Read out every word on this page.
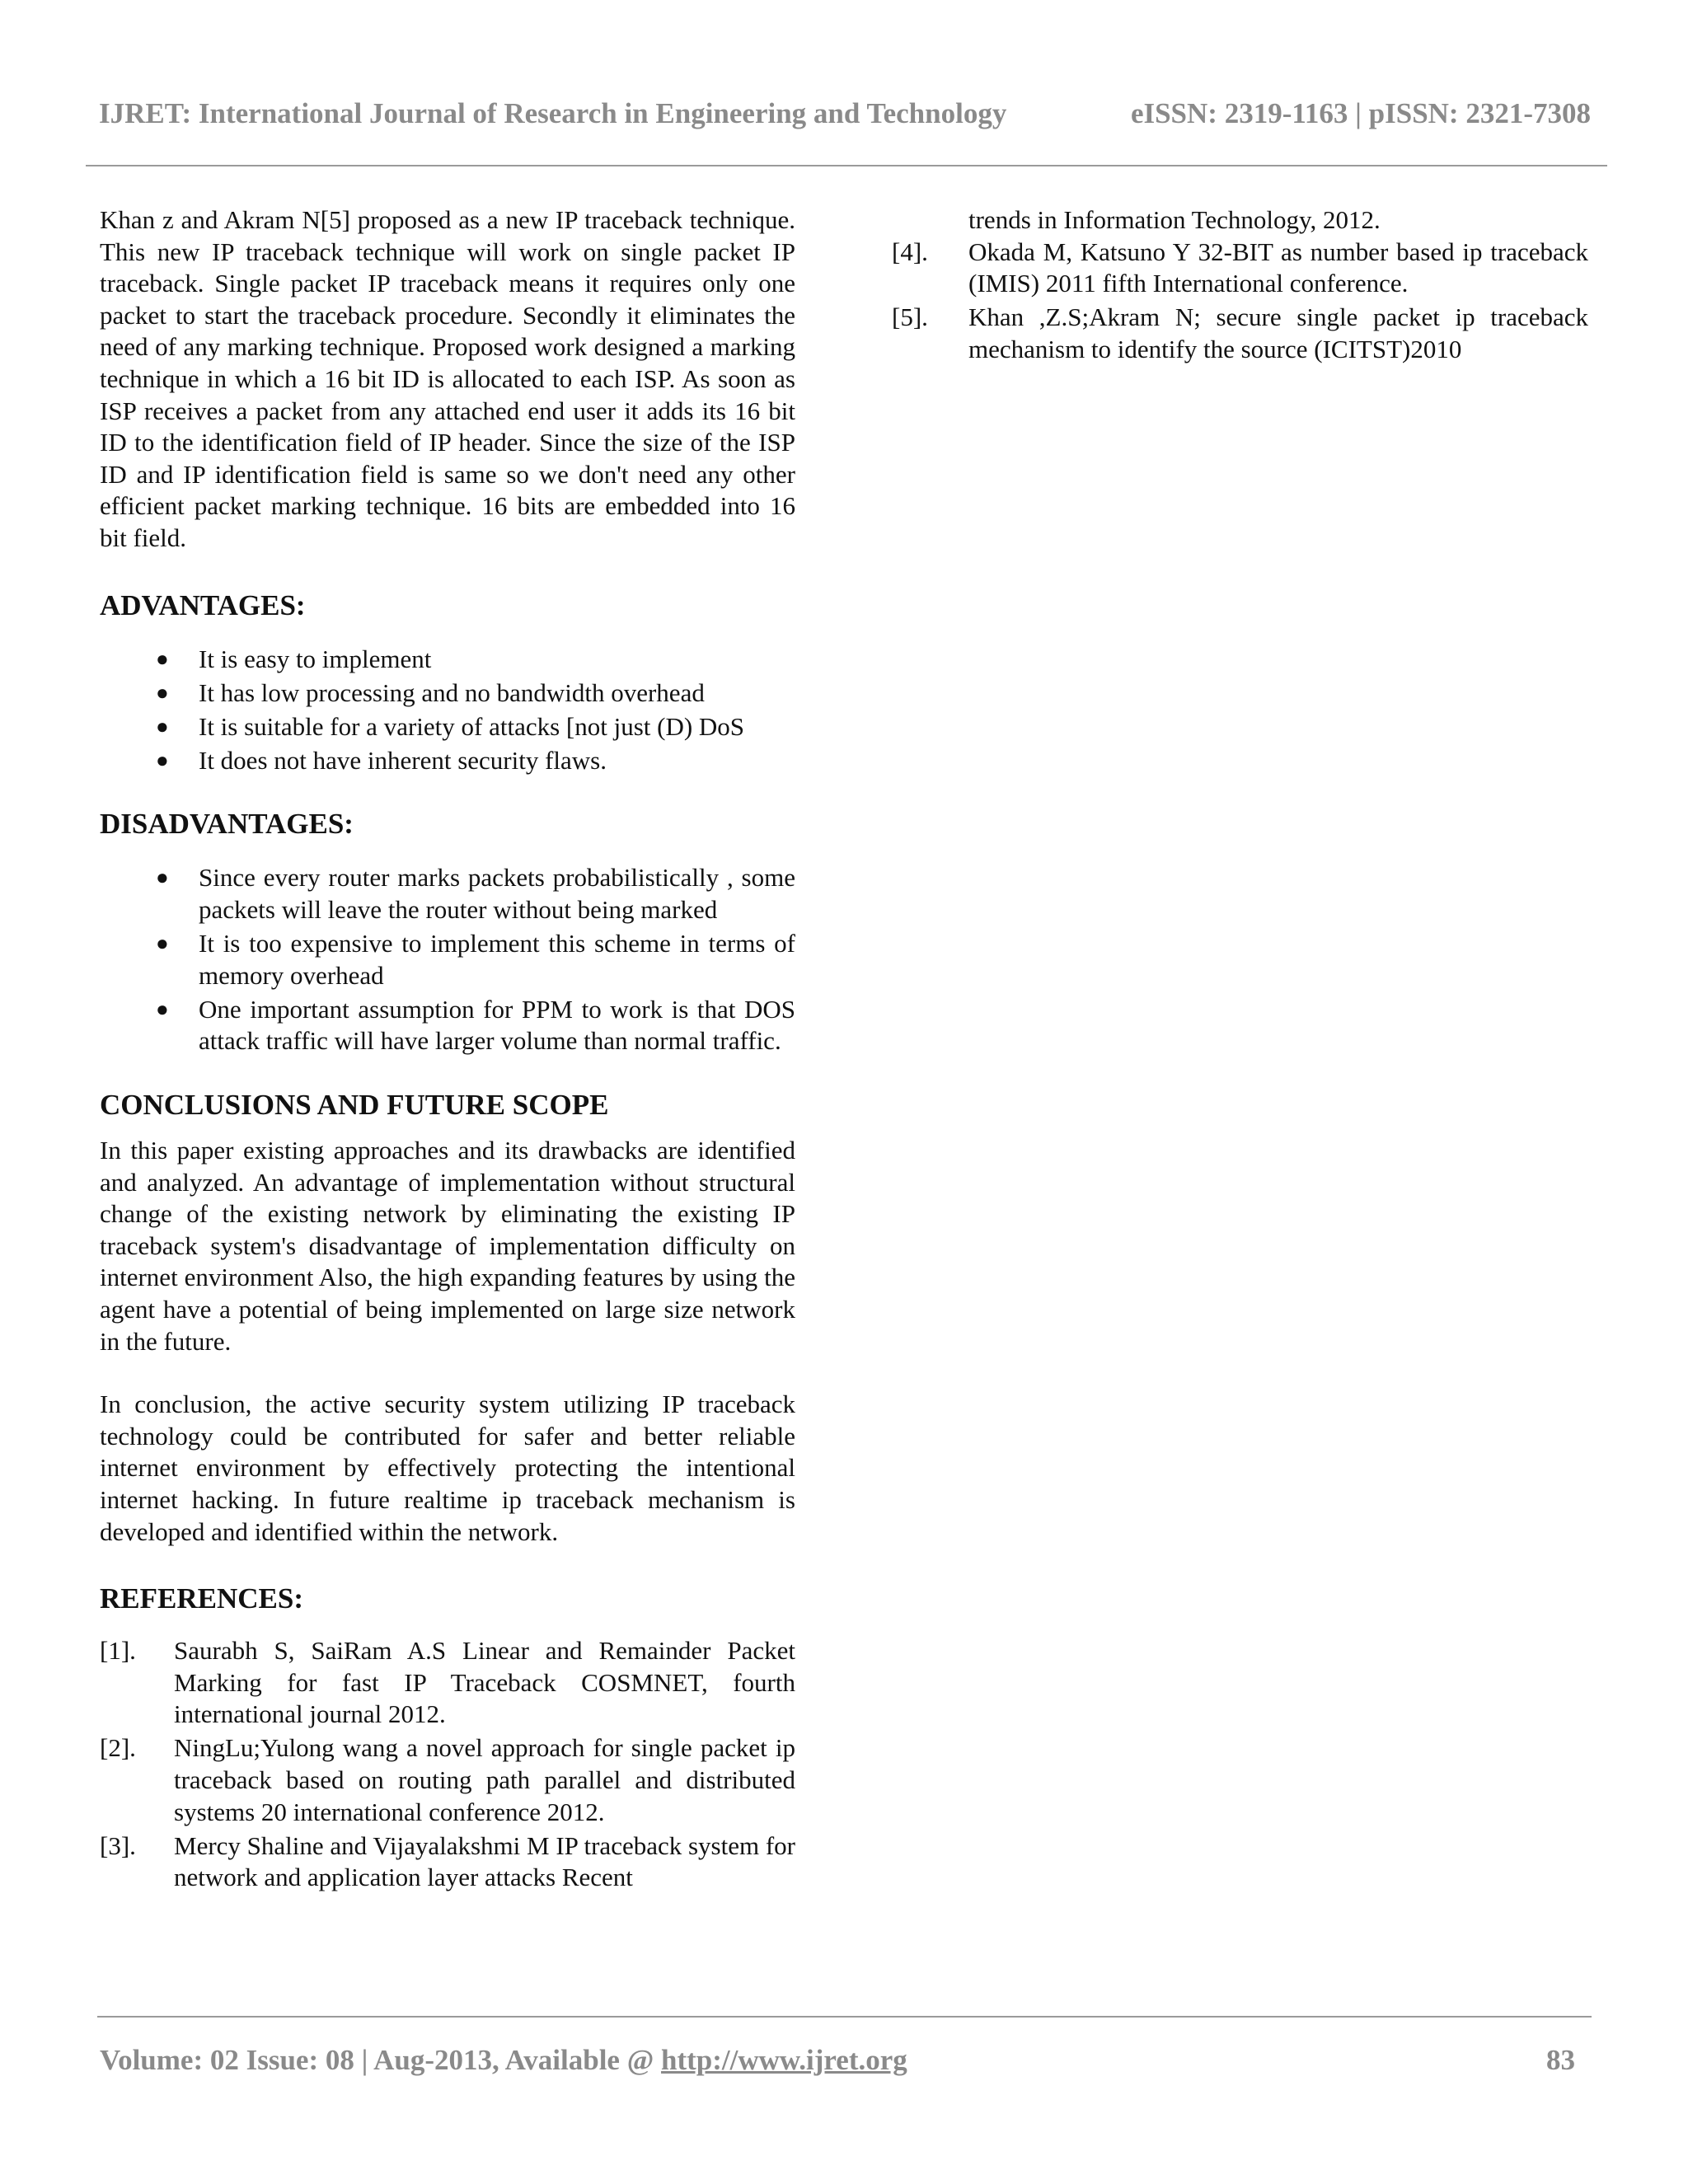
IJRET: International Journal of Research in Engineering and Technology	eISSN: 2319-1163 | pISSN: 2321-7308

Khan z and Akram N[5] proposed as a new IP traceback technique. This new IP traceback technique will work on single packet IP traceback. Single packet IP traceback means it requires only one packet to start the traceback procedure. Secondly it eliminates the need of any marking technique. Proposed work designed a marking technique in which a 16 bit ID is allocated to each ISP. As soon as ISP receives a packet from any attached end user it adds its 16 bit ID to the identification field of IP header. Since the size of the ISP ID and IP identification field is same so we don't need any other efficient packet marking technique. 16 bits are embedded into 16 bit field.

ADVANTAGES:
● It is easy to implement
● It has low processing and no bandwidth overhead
● It is suitable for a variety of attacks [not just (D) DoS
● It does not have inherent security flaws.
DISADVANTAGES:
● Since every router marks packets probabilistically , some packets will leave the router without being marked
● It is too expensive to implement this scheme in terms of memory overhead
● One important assumption for PPM to work is that DOS attack traffic will have larger volume than normal traffic.
CONCLUSIONS AND FUTURE SCOPE

In this paper existing approaches and its drawbacks are identified and analyzed. An advantage of implementation without structural change of the existing network by eliminating the existing IP traceback system's disadvantage of implementation difficulty on internet environment Also, the high expanding features by using the agent have a potential of being implemented on large size network in the future.

In conclusion, the active security system utilizing IP traceback technology could be contributed for safer and better reliable internet environment by effectively protecting the intentional internet hacking. In future realtime ip traceback mechanism is developed and identified within the network.

REFERENCES:
[1]. Saurabh S, SaiRam A.S Linear and Remainder Packet Marking for fast IP Traceback COSMNET, fourth international journal 2012.
[2]. NingLu;Yulong wang a novel approach for single packet ip traceback based on routing path parallel and distributed systems 20 international conference 2012.
[3]. Mercy Shaline and Vijayalakshmi M IP traceback system for network and application layer attacks Recent

trends in Information Technology, 2012.

[4]. Okada M, Katsuno Y 32-BIT as number based ip traceback (IMIS) 2011 fifth International conference.
[5]. Khan ,Z.S;Akram N; secure single packet ip traceback mechanism to identify the source (ICITST)2010
Volume: 02 Issue: 08 | Aug-2013, Available @ http://www.ijret.org	83
